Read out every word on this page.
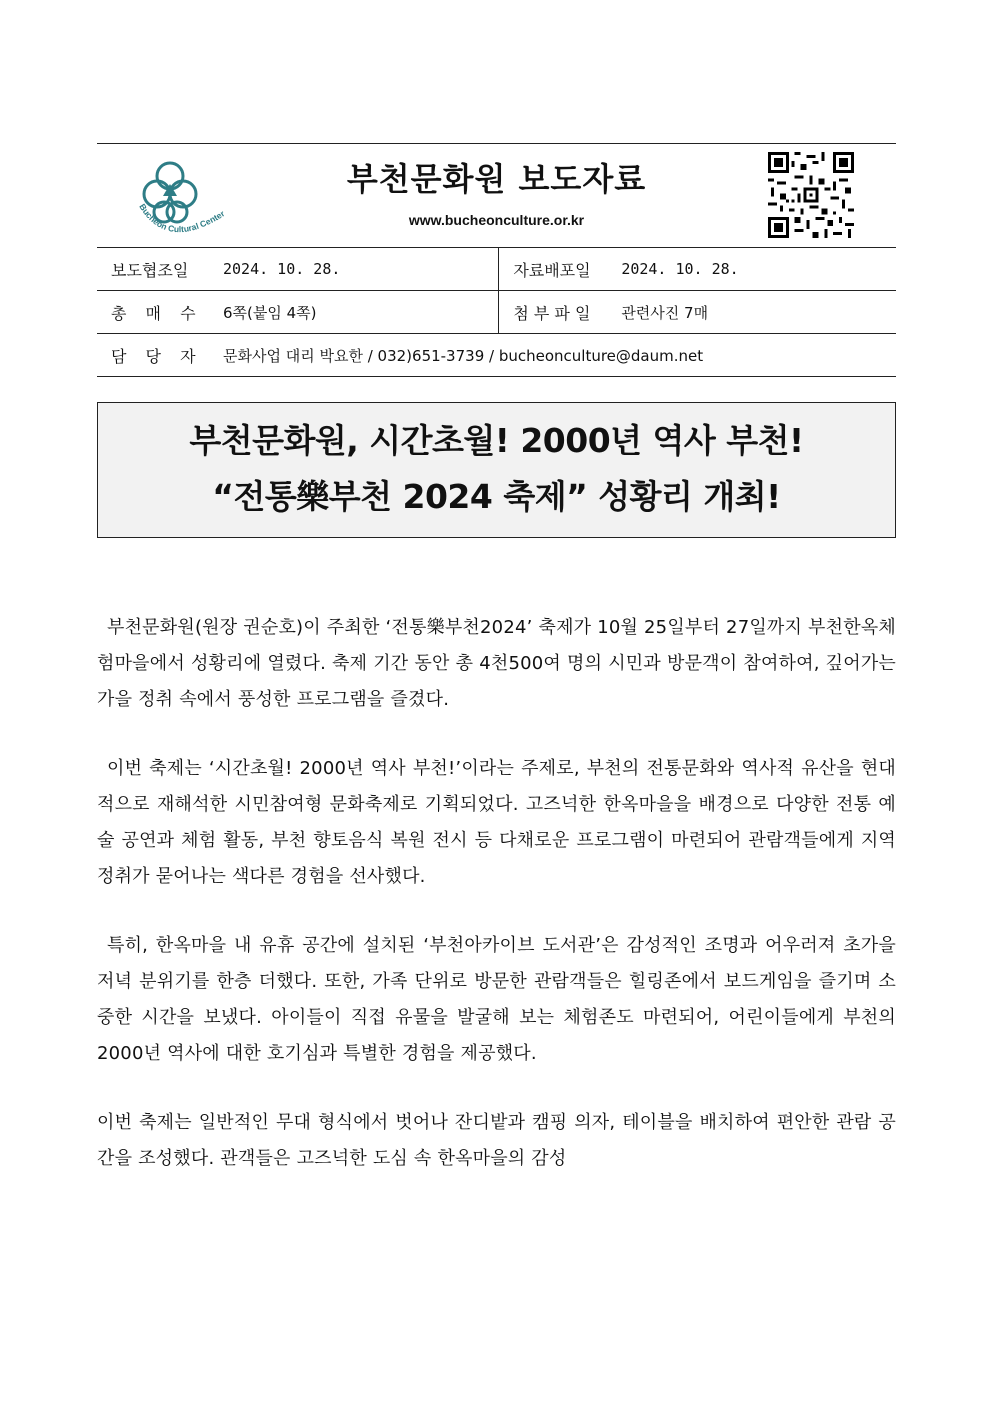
Bucheon Cultural Center
부천문화원 보도자료
www.bucheonculture.or.kr
보도협조일	2024. 10. 28.	자료배포일	2024. 10. 28.
총 매 수	6쪽(붙임 4쪽)	첨 부 파 일	관련사진 7매
담 당 자	문화사업 대리 박요한 / 032)651-3739 / bucheonculture@daum.net		
부천문화원, 시간초월! 2000년 역사 부천!
“전통樂부천 2024 축제” 성황리 개최!

부천문화원(원장 권순호)이 주최한 ‘전통樂부천2024’ 축제가 10월 25일부터 27일까지 부천한옥체험마을에서 성황리에 열렸다. 축제 기간 동안 총 4천500여 명의 시민과 방문객이 참여하여, 깊어가는 가을 정취 속에서 풍성한 프로그램을 즐겼다.

이번 축제는 ‘시간초월! 2000년 역사 부천!’이라는 주제로, 부천의 전통문화와 역사적 유산을 현대적으로 재해석한 시민참여형 문화축제로 기획되었다. 고즈넉한 한옥마을을 배경으로 다양한 전통 예술 공연과 체험 활동, 부천 향토음식 복원 전시 등 다채로운 프로그램이 마련되어 관람객들에게 지역 정취가 묻어나는 색다른 경험을 선사했다.

특히, 한옥마을 내 유휴 공간에 설치된 ‘부천아카이브 도서관’은 감성적인 조명과 어우러져 초가을 저녁 분위기를 한층 더했다. 또한, 가족 단위로 방문한 관람객들은 힐링존에서 보드게임을 즐기며 소중한 시간을 보냈다. 아이들이 직접 유물을 발굴해 보는 체험존도 마련되어, 어린이들에게 부천의 2000년 역사에 대한 호기심과 특별한 경험을 제공했다.

이번 축제는 일반적인 무대 형식에서 벗어나 잔디밭과 캠핑 의자, 테이블을 배치하여 편안한 관람 공간을 조성했다. 관객들은 고즈넉한 도심 속 한옥마을의 감성
